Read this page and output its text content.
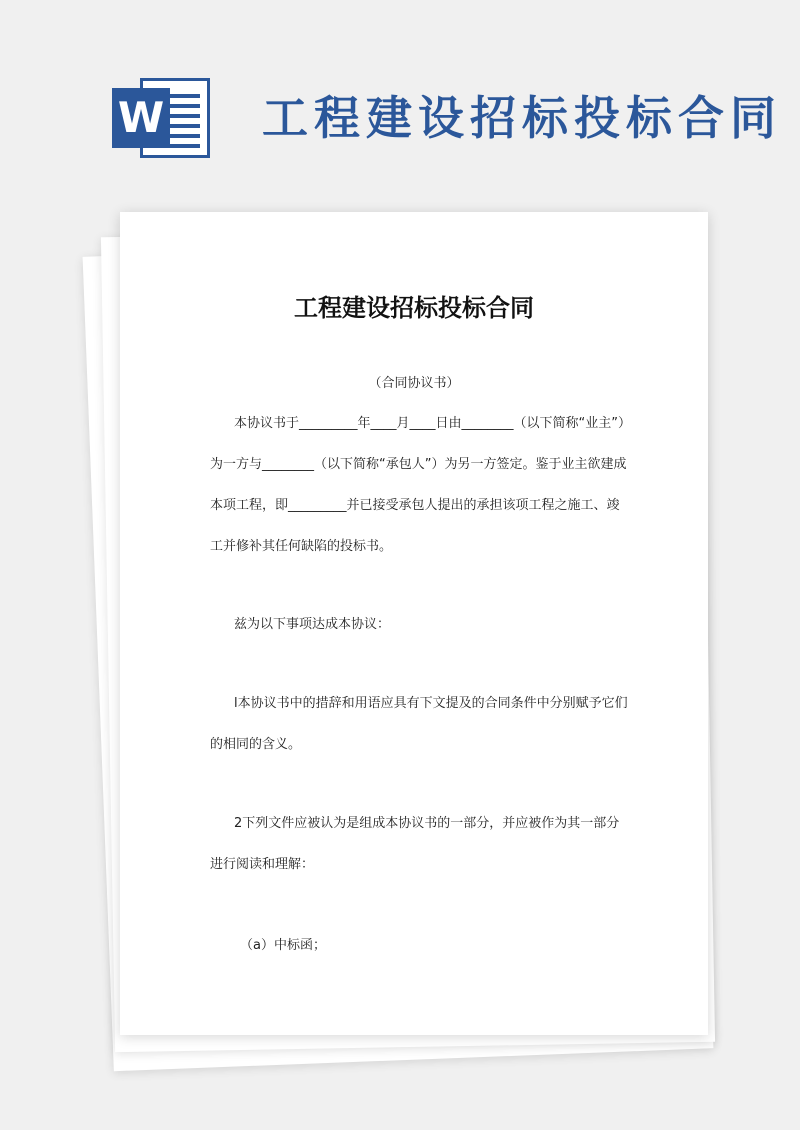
W 工程建设招标投标合同
工程建设招标投标合同
（合同协议书）

本协议书于_________年____月____日由________（以下简称“业主”）为一方与________（以下简称“承包人”）为另一方签定。鉴于业主欲建成本项工程，即_________并已接受承包人提出的承担该项工程之施工、竣工并修补其任何缺陷的投标书。

兹为以下事项达成本协议：

l本协议书中的措辞和用语应具有下文提及的合同条件中分别赋予它们的相同的含义。

2下列文件应被认为是组成本协议书的一部分，并应被作为其一部分进行阅读和理解：

（a）中标函；
